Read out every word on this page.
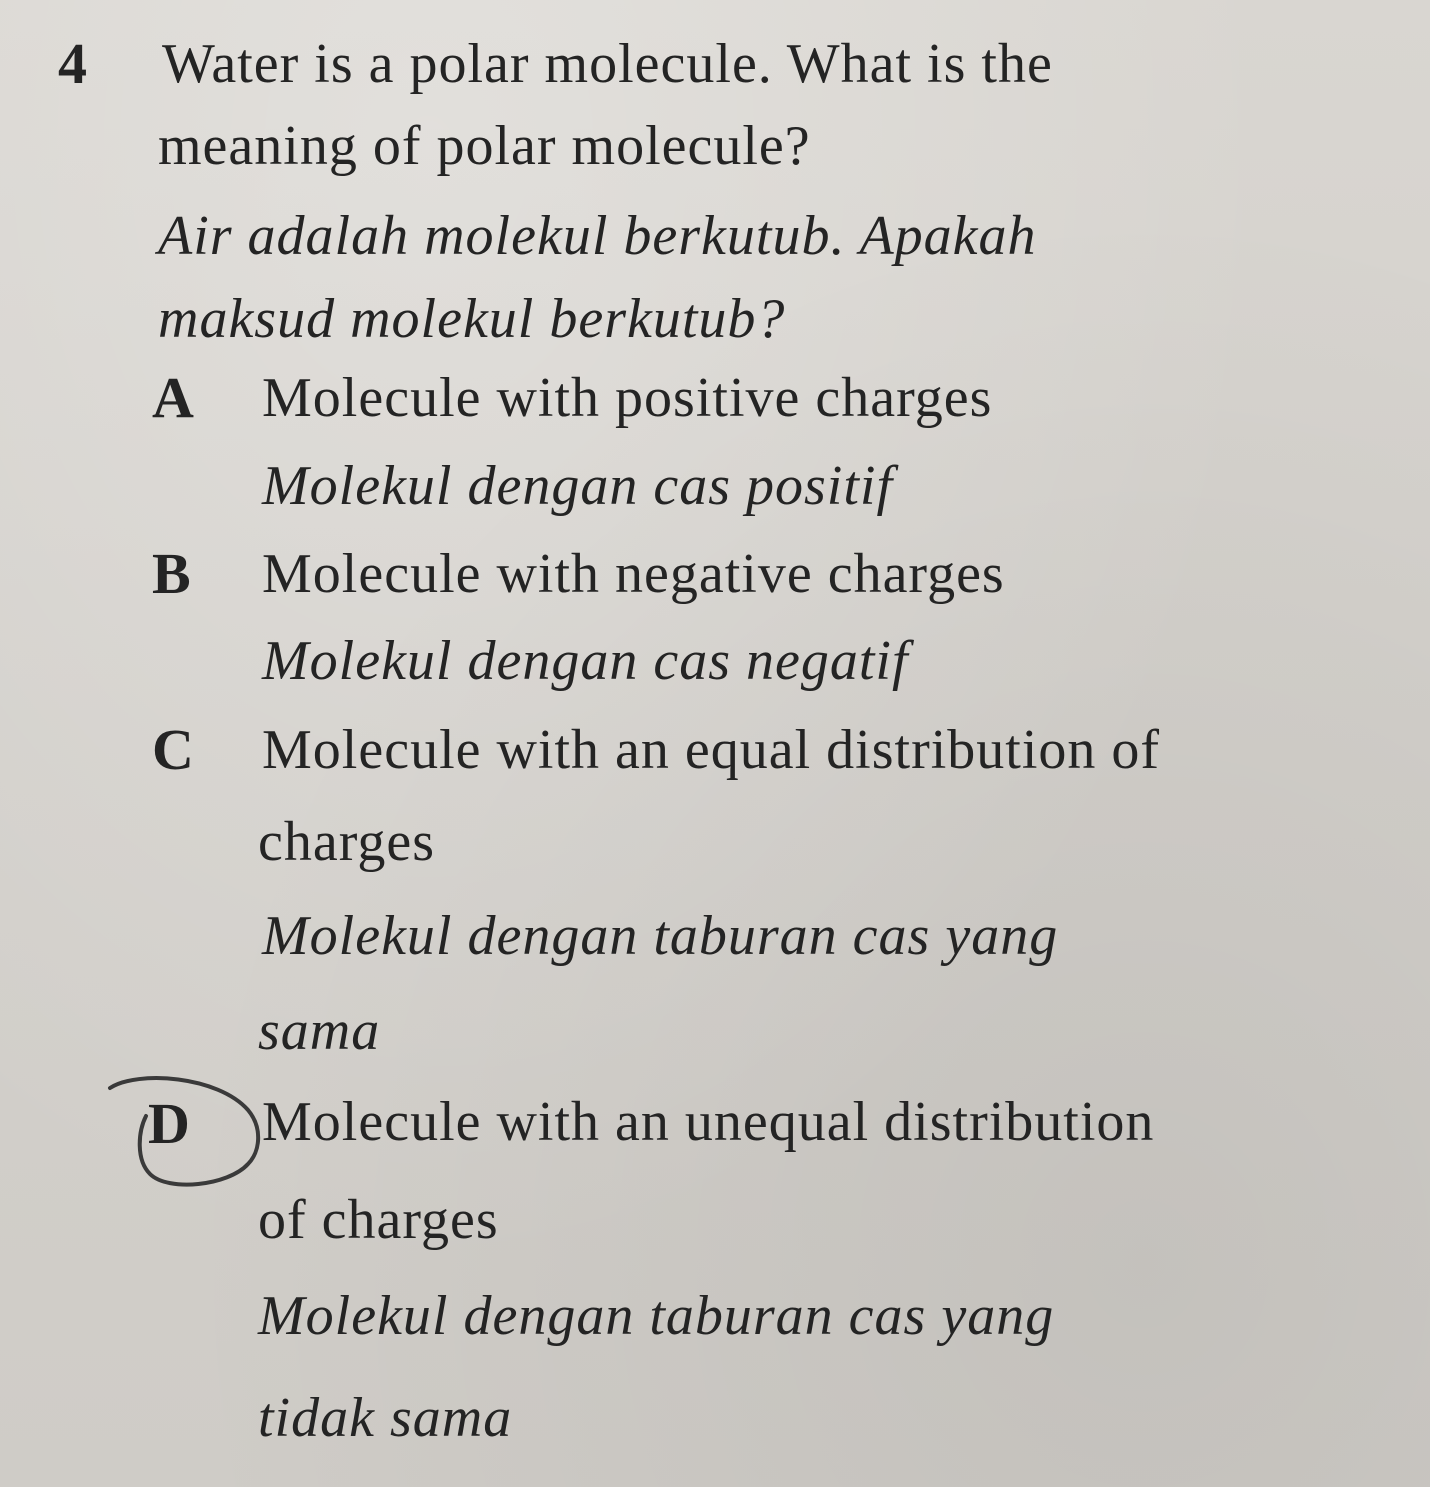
4 Water is a polar molecule. What is the
meaning of polar molecule?
Air adalah molekul berkutub. Apakah
maksud molekul berkutub?
A Molecule with positive charges
Molekul dengan cas positif
B Molecule with negative charges
Molekul dengan cas negatif
C Molecule with an equal distribution of
charges
Molekul dengan taburan cas yang
sama
D Molecule with an unequal distribution
of charges
Molekul dengan taburan cas yang
tidak sama
